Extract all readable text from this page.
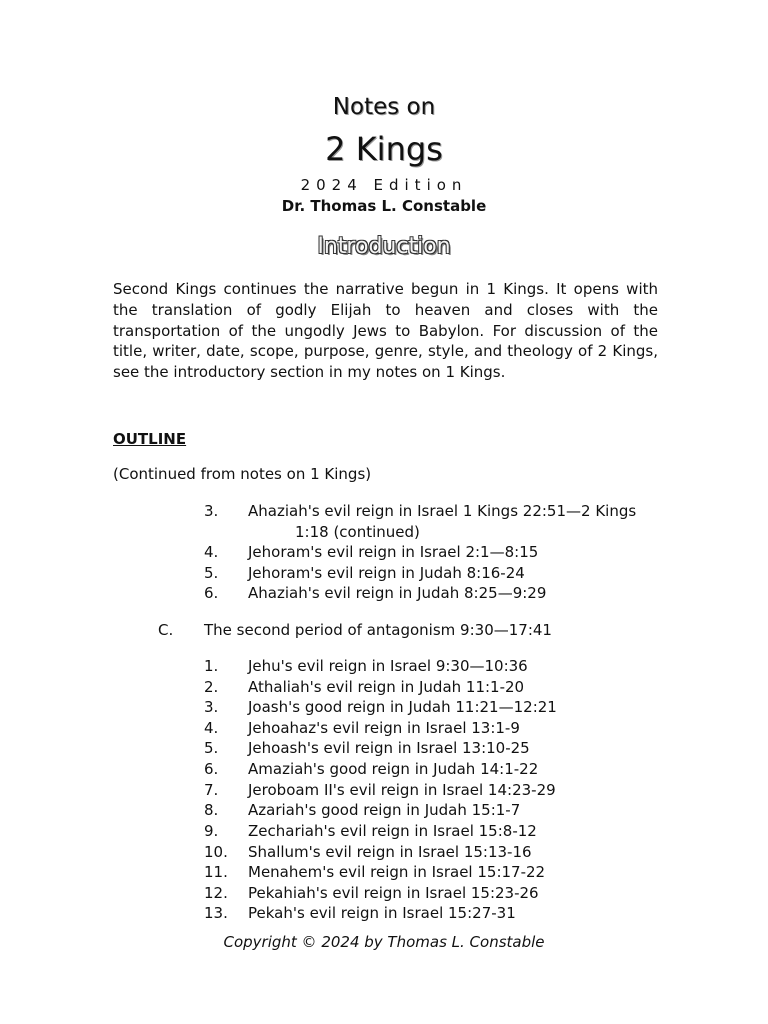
Notes on
2 Kings
2024 Edition
Dr. Thomas L. Constable
Introduction
Second Kings continues the narrative begun in 1 Kings. It opens with the translation of godly Elijah to heaven and closes with the transportation of the ungodly Jews to Babylon. For discussion of the title, writer, date, scope, purpose, genre, style, and theology of 2 Kings, see the introductory section in my notes on 1 Kings.
OUTLINE
(Continued from notes on 1 Kings)
3. Ahaziah's evil reign in Israel 1 Kings 22:51—2 Kings
1:18 (continued)
4. Jehoram's evil reign in Israel 2:1—8:15
5. Jehoram's evil reign in Judah 8:16-24
6. Ahaziah's evil reign in Judah 8:25—9:29
C. The second period of antagonism 9:30—17:41
1. Jehu's evil reign in Israel 9:30—10:36
2. Athaliah's evil reign in Judah 11:1-20
3. Joash's good reign in Judah 11:21—12:21
4. Jehoahaz's evil reign in Israel 13:1-9
5. Jehoash's evil reign in Israel 13:10-25
6. Amaziah's good reign in Judah 14:1-22
7. Jeroboam II's evil reign in Israel 14:23-29
8. Azariah's good reign in Judah 15:1-7
9. Zechariah's evil reign in Israel 15:8-12
10. Shallum's evil reign in Israel 15:13-16
11. Menahem's evil reign in Israel 15:17-22
12. Pekahiah's evil reign in Israel 15:23-26
13. Pekah's evil reign in Israel 15:27-31
Copyright © 2024 by Thomas L. Constable
